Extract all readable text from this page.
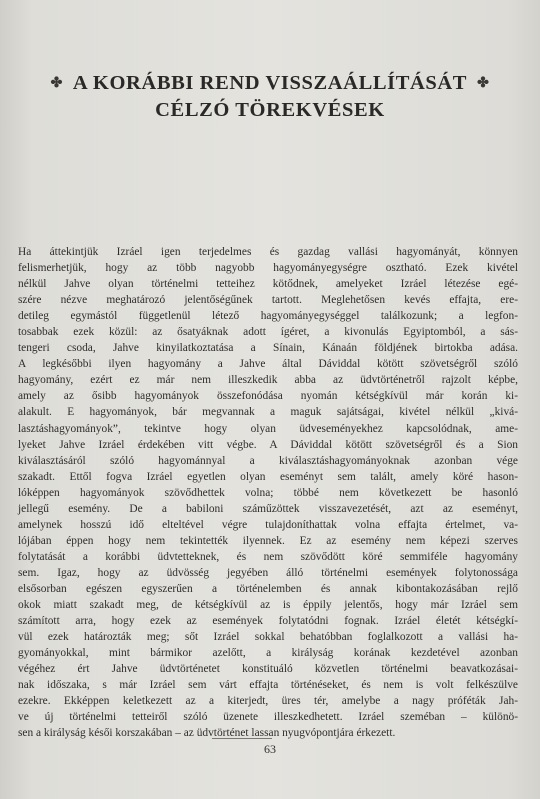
✤ A KORÁBBI REND VISSZAÁLLÍTÁSÁT ✤
CÉLZÓ TÖREKVÉSEK
Ha áttekintjük Izráel igen terjedelmes és gazdag vallási hagyományát, könnyen
felismerhetjük, hogy az több nagyobb hagyományegységre osztható. Ezek kivétel
nélkül Jahve olyan történelmi tetteihez kötődnek, amelyeket Izráel létezése egé-
szére nézve meghatározó jelentőségűnek tartott. Meglehetősen kevés effajta, ere-
detileg egymástól függetlenül létező hagyományegységgel találkozunk; a legfon-
tosabbak ezek közül: az ősatyáknak adott ígéret, a kivonulás Egyiptomból, a sás-
tengeri csoda, Jahve kinyilatkoztatása a Sínain, Kánaán földjének birtokba adása.
A legkésőbbi ilyen hagyomány a Jahve által Dáviddal kötött szövetségről szóló
hagyomány, ezért ez már nem illeszkedik abba az üdvtörténetről rajzolt képbe,
amely az ősibb hagyományok összefonódása nyomán kétségkívül már korán ki-
alakult. E hagyományok, bár megvannak a maguk sajátságai, kivétel nélkül „kivá-
lasztáshagyományok”, tekintve hogy olyan üdveseményekhez kapcsolódnak, ame-
lyeket Jahve Izráel érdekében vitt végbe. A Dáviddal kötött szövetségről és a Sion
kiválasztásáról szóló hagyománnyal a kiválasztáshagyományoknak azonban vége
szakadt. Ettől fogva Izráel egyetlen olyan eseményt sem talált, amely köré hason-
lóképpen hagyományok szövődhettek volna; többé nem következett be hasonló
jellegű esemény. De a babiloni száműzöttek visszavezetését, azt az eseményt,
amelynek hosszú idő elteltével végre tulajdoníthattak volna effajta értelmet, va-
lójában éppen hogy nem tekintették ilyennek. Ez az esemény nem képezi szerves
folytatását a korábbi üdvtetteknek, és nem szövődött köré semmiféle hagyomány
sem. Igaz, hogy az üdvösség jegyében álló történelmi események folytonossága
elsősorban egészen egyszerűen a történelemben és annak kibontakozásában rejlő
okok miatt szakadt meg, de kétségkívül az is éppily jelentős, hogy már Izráel sem
számított arra, hogy ezek az események folytatódni fognak. Izráel életét kétségkí-
vül ezek határozták meg; sőt Izráel sokkal behatóbban foglalkozott a vallási ha-
gyományokkal, mint bármikor azelőtt, a királyság korának kezdetével azonban
végéhez ért Jahve üdvtörténetet konstituáló közvetlen történelmi beavatkozásai-
nak időszaka, s már Izráel sem várt effajta történéseket, és nem is volt felkészülve
ezekre. Ekképpen keletkezett az a kiterjedt, üres tér, amelybe a nagy próféták Jah-
ve új történelmi tetteiről szóló üzenete illeszkedhetett. Izráel szeméban – különö-
sen a királyság késői korszakában – az üdvtörténet lassan nyugvópontjára érkezett.
63
